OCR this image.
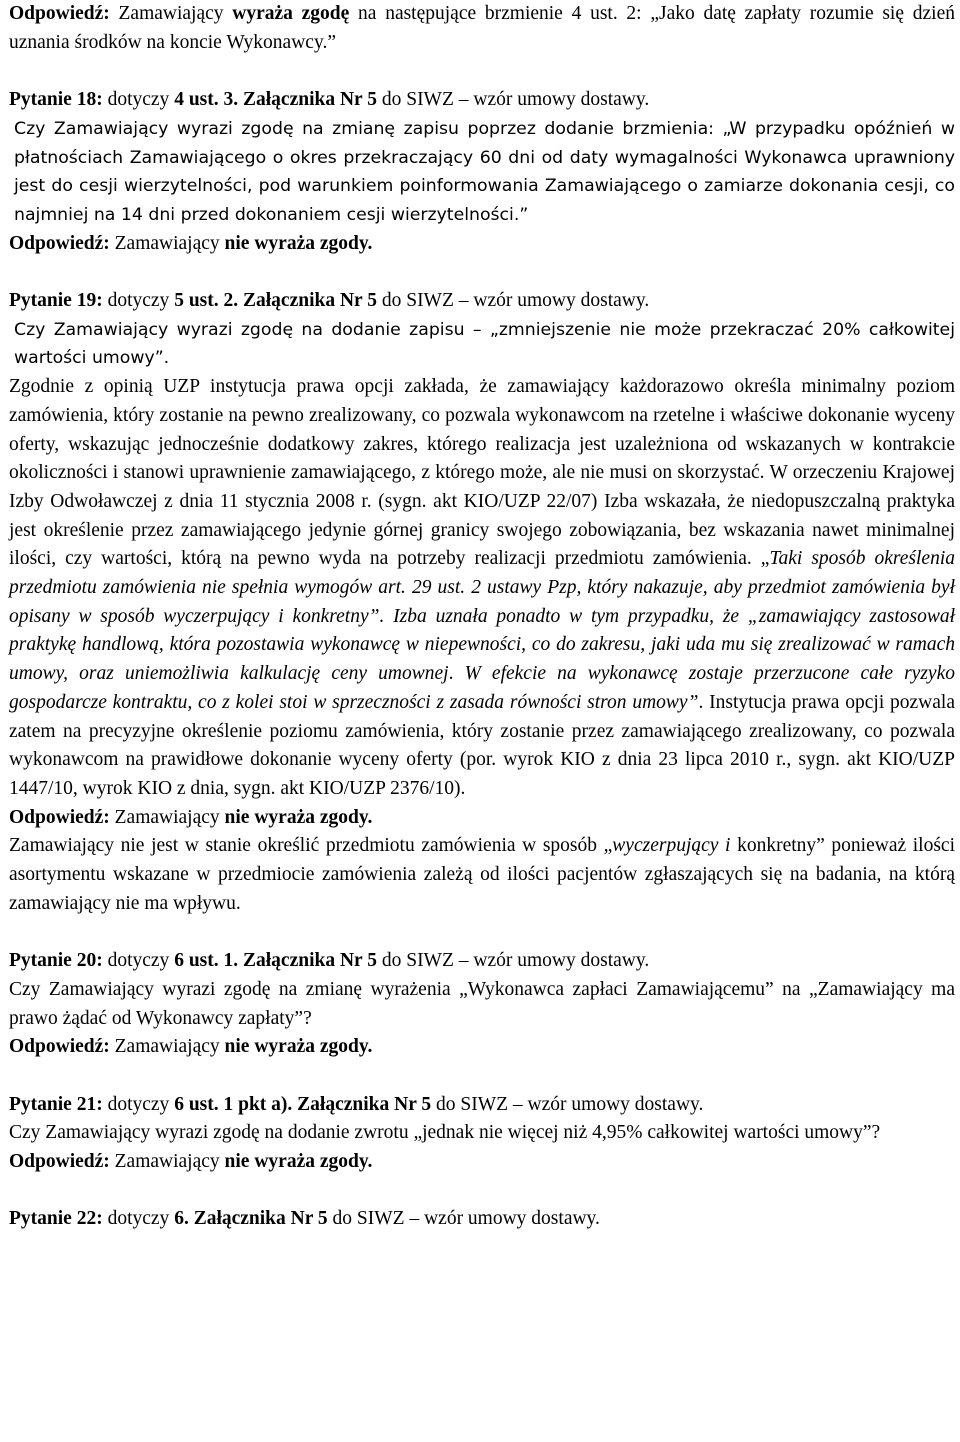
Odpowiedź: Zamawiający wyraża zgodę na następujące brzmienie 4 ust. 2: „Jako datę zapłaty rozumie się dzień uznania środków na koncie Wykonawcy.”

Pytanie 18: dotyczy 4 ust. 3. Załącznika Nr 5 do SIWZ – wzór umowy dostawy.

Czy Zamawiający wyrazi zgodę na zmianę zapisu poprzez dodanie brzmienia: „W przypadku opóźnień w płatnościach Zamawiającego o okres przekraczający 60 dni od daty wymagalności Wykonawca uprawniony jest do cesji wierzytelności, pod warunkiem poinformowania Zamawiającego o zamiarze dokonania cesji, co najmniej na 14 dni przed dokonaniem cesji wierzytelności.”

Odpowiedź: Zamawiający nie wyraża zgody.

Pytanie 19: dotyczy 5 ust. 2. Załącznika Nr 5 do SIWZ – wzór umowy dostawy.

Czy Zamawiający wyrazi zgodę na dodanie zapisu – „zmniejszenie nie może przekraczać 20% całkowitej wartości umowy”.

Zgodnie z opinią UZP instytucja prawa opcji zakłada, że zamawiający każdorazowo określa minimalny poziom zamówienia, który zostanie na pewno zrealizowany, co pozwala wykonawcom na rzetelne i właściwe dokonanie wyceny oferty, wskazując jednocześnie dodatkowy zakres, którego realizacja jest uzależniona od wskazanych w kontrakcie okoliczności i stanowi uprawnienie zamawiającego, z którego może, ale nie musi on skorzystać. W orzeczeniu Krajowej Izby Odwoławczej z dnia 11 stycznia 2008 r. (sygn. akt KIO/UZP 22/07) Izba wskazała, że niedopuszczalną praktyka jest określenie przez zamawiającego jedynie górnej granicy swojego zobowiązania, bez wskazania nawet minimalnej ilości, czy wartości, którą na pewno wyda na potrzeby realizacji przedmiotu zamówienia. „Taki sposób określenia przedmiotu zamówienia nie spełnia wymogów art. 29 ust. 2 ustawy Pzp, który nakazuje, aby przedmiot zamówienia był opisany w sposób wyczerpujący i konkretny”. Izba uznała ponadto w tym przypadku, że „zamawiający zastosował praktykę handlową, która pozostawia wykonawcę w niepewności, co do zakresu, jaki uda mu się zrealizować w ramach umowy, oraz uniemożliwia kalkulację ceny umownej. W efekcie na wykonawcę zostaje przerzucone całe ryzyko gospodarcze kontraktu, co z kolei stoi w sprzeczności z zasada równości stron umowy”. Instytucja prawa opcji pozwala zatem na precyzyjne określenie poziomu zamówienia, który zostanie przez zamawiającego zrealizowany, co pozwala wykonawcom na prawidłowe dokonanie wyceny oferty (por. wyrok KIO z dnia 23 lipca 2010 r., sygn. akt KIO/UZP 1447/10, wyrok KIO z dnia, sygn. akt KIO/UZP 2376/10).

Odpowiedź: Zamawiający nie wyraża zgody.

Zamawiający nie jest w stanie określić przedmiotu zamówienia w sposób „wyczerpujący i konkretny” ponieważ ilości asortymentu wskazane w przedmiocie zamówienia zależą od ilości pacjentów zgłaszających się na badania, na którą zamawiający nie ma wpływu.

Pytanie 20: dotyczy 6 ust. 1. Załącznika Nr 5 do SIWZ – wzór umowy dostawy.

Czy Zamawiający wyrazi zgodę na zmianę wyrażenia „Wykonawca zapłaci Zamawiającemu” na „Zamawiający ma prawo żądać od Wykonawcy zapłaty”?

Odpowiedź: Zamawiający nie wyraża zgody.

Pytanie 21: dotyczy 6 ust. 1 pkt a). Załącznika Nr 5 do SIWZ – wzór umowy dostawy.

Czy Zamawiający wyrazi zgodę na dodanie zwrotu „jednak nie więcej niż 4,95% całkowitej wartości umowy”?

Odpowiedź: Zamawiający nie wyraża zgody.

Pytanie 22: dotyczy 6. Załącznika Nr 5 do SIWZ – wzór umowy dostawy.
